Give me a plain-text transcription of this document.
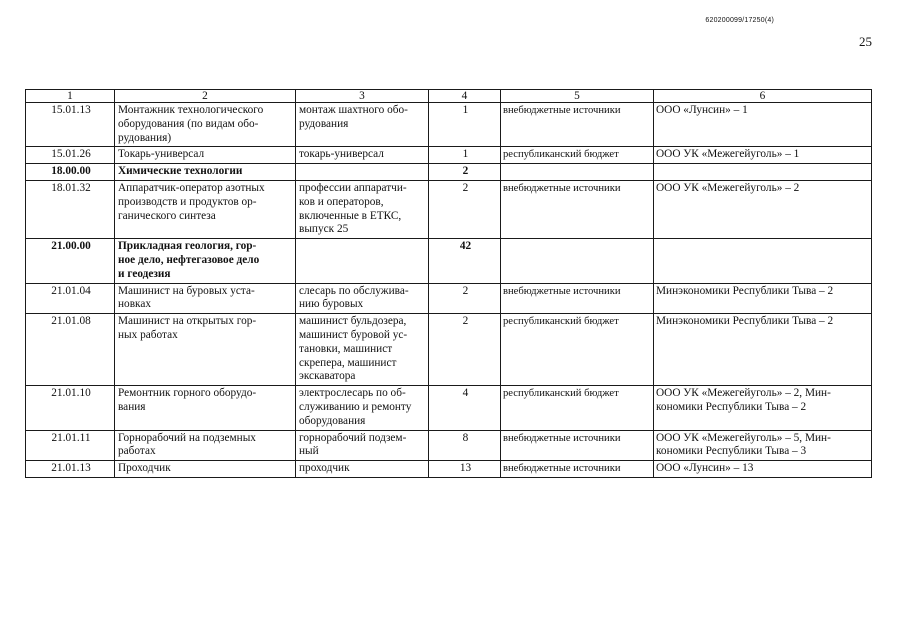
620200099/17250(4)
25
1	2	3	4	5	6
15.01.13	Монтажник технологического
оборудования (по видам обо-
рудования)	монтаж шахтного обо-
рудования	1	внебюджетные источники	ООО «Лунсин» – 1
15.01.26	Токарь-универсал	токарь-универсал	1	республиканский бюджет	ООО УК «Межегейуголь» – 1
18.00.00	Химические технологии		2		
18.01.32	Аппаратчик-оператор азотных
производств и продуктов ор-
ганического синтеза	профессии аппаратчи-
ков и операторов,
включенные в ЕТКС,
выпуск 25	2	внебюджетные источники	ООО УК «Межегейуголь» – 2
21.00.00	Прикладная геология, гор-
ное дело, нефтегазовое дело
и геодезия		42		
21.01.04	Машинист на буровых уста-
новках	слесарь по обслужива-
нию буровых	2	внебюджетные источники	Минэкономики Республики Тыва – 2
21.01.08	Машинист на открытых гор-
ных работах	машинист бульдозера,
машинист буровой ус-
тановки, машинист
скрепера, машинист
экскаватора	2	республиканский бюджет	Минэкономики Республики Тыва – 2
21.01.10	Ремонтник горного оборудо-
вания	электрослесарь по об-
служиванию и ремонту
оборудования	4	республиканский бюджет	ООО УК «Межегейуголь» – 2, Мин-
кономики Республики Тыва – 2
21.01.11	Горнорабочий на подземных
работах	горнорабочий подзем-
ный	8	внебюджетные источники	ООО УК «Межегейуголь» – 5, Мин-
кономики Республики Тыва – 3
21.01.13	Проходчик	проходчик	13	внебюджетные источники	ООО «Лунсин» – 13
